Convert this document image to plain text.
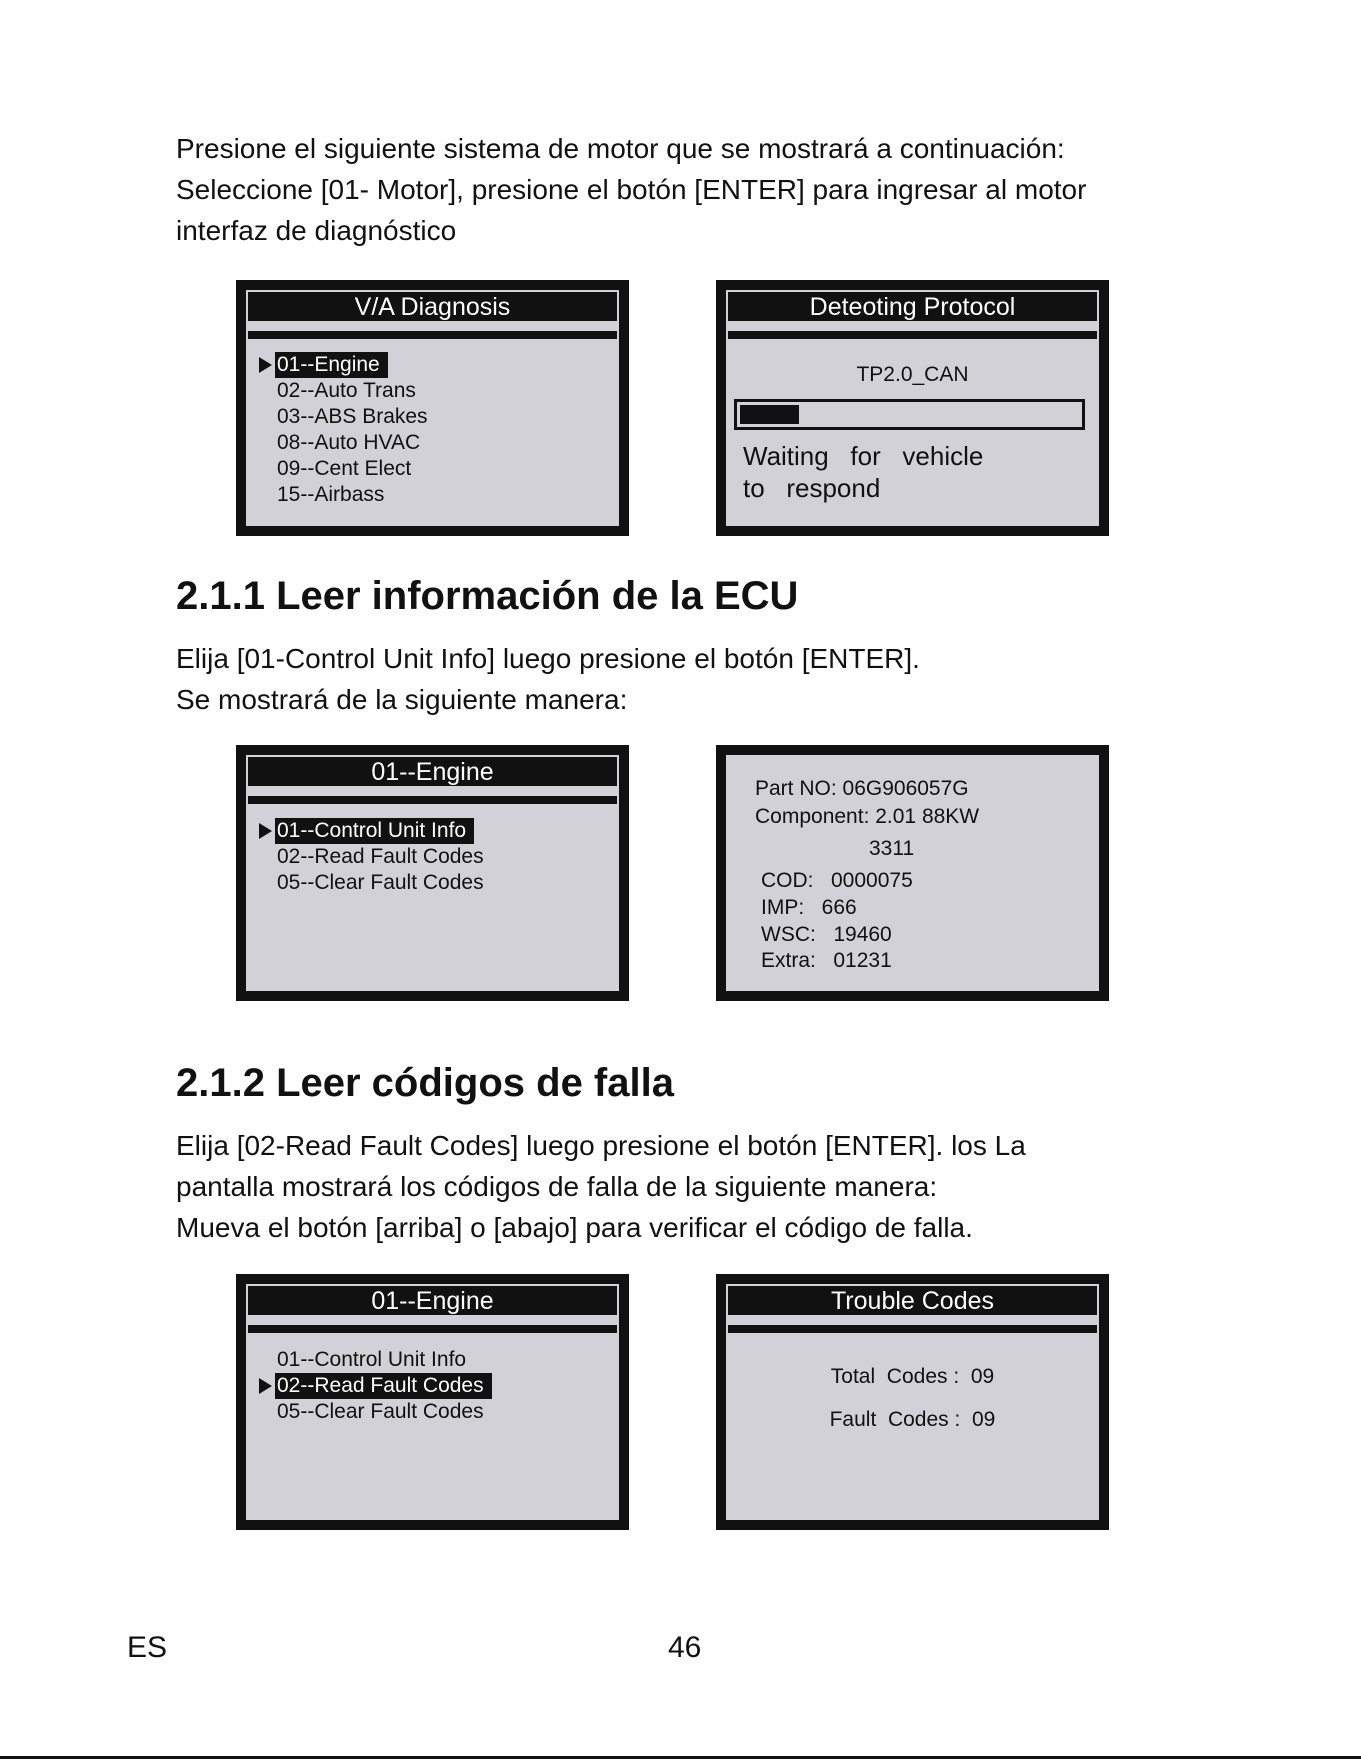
Presione el siguiente sistema de motor que se mostrará a continuación:
Seleccione [01- Motor], presione el botón [ENTER] para ingresar al motor
interfaz de diagnóstico
V/A Diagnosis
01--Engine
02--Auto Trans
03--ABS Brakes
08--Auto HVAC
09--Cent Elect
15--Airbass
Deteoting Protocol
TP2.0_CAN
Waiting   for   vehicle
to   respond
2.1.1 Leer información de la ECU
Elija [01-Control Unit Info] luego presione el botón [ENTER].
Se mostrará de la siguiente manera:
01--Engine
01--Control Unit Info
02--Read Fault Codes
05--Clear Fault Codes
Part NO: 06G906057G
Component: 2.01 88KW
3311
COD:   0000075
IMP:   666
WSC:   19460
Extra:   01231
2.1.2 Leer códigos de falla
Elija [02-Read Fault Codes] luego presione el botón [ENTER]. los La
pantalla mostrará los códigos de falla de la siguiente manera:
Mueva el botón [arriba] o [abajo] para verificar el código de falla.
01--Engine
01--Control Unit Info
02--Read Fault Codes
05--Clear Fault Codes
Trouble Codes
Total  Codes :  09
Fault  Codes :  09
ES	46
